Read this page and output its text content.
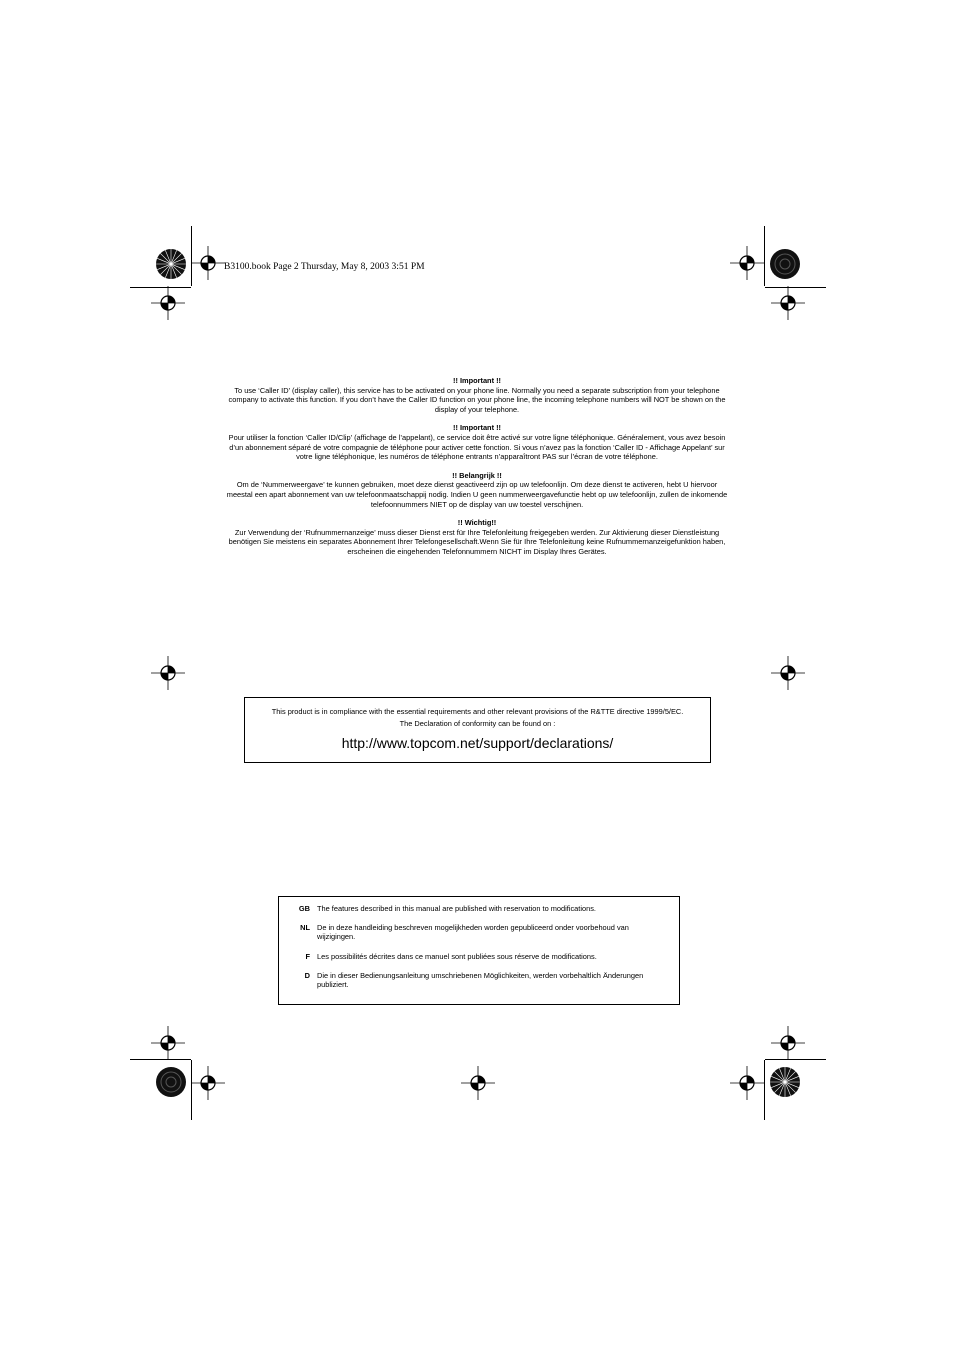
B3100.book Page 2 Thursday, May 8, 2003 3:51 PM
!! Important !!

To use ‘Caller ID’ (display caller), this service has to be activated on your phone line. Normally you need a separate subscription from your telephone company to activate this function. If you don’t have the Caller ID function on your phone line, the incoming telephone numbers will NOT be shown on the display of your telephone.

!! Important !!

Pour utiliser la fonction ‘Caller ID/Clip’ (affichage de l’appelant), ce service doit être activé sur votre ligne téléphonique. Généralement, vous avez besoin d’un abonnement séparé de votre compagnie de téléphone pour activer cette fonction. Si vous n’avez pas la fonction ‘Caller ID - Affichage Appelant’ sur votre ligne téléphonique, les numéros de téléphone entrants n’apparaîtront PAS sur l’écran de votre téléphone.

!! Belangrijk !!

Om de ‘Nummerweergave’ te kunnen gebruiken, moet deze dienst geactiveerd zijn op uw telefoonlijn. Om deze dienst te activeren, hebt U hiervoor meestal een apart abonnement van uw telefoonmaatschappij nodig. Indien U geen nummerweergavefunctie hebt op uw telefoonlijn, zullen de inkomende telefoonnummers NIET op de display van uw toestel verschijnen.

!! Wichtig!!

Zur Verwendung der ‘Rufnummernanzeige’ muss dieser Dienst erst für Ihre Telefonleitung freigegeben werden. Zur Aktivierung dieser Dienstleistung benötigen Sie meistens ein separates Abonnement Ihrer Telefongesellschaft.Wenn Sie für Ihre Telefonleitung keine Rufnummernanzeigefunktion haben, erscheinen die eingehenden Telefonnummern NICHT im Display Ihres Gerätes.

This product is in compliance with the essential requirements and other relevant provisions of the R&TTE directive 1999/5/EC.
The Declaration of conformity can be found on :
http://www.topcom.net/support/declarations/
GB The features described in this manual are published with reservation to modifications.
NL De in deze handleiding beschreven mogelijkheden worden gepubliceerd onder voorbehoud van wijzigingen.
F Les possibilités décrites dans ce manuel sont publiées sous réserve de modifications.
D Die in dieser Bedienungsanleitung umschriebenen Möglichkeiten, werden vorbehaltlich Änderungen publiziert.
